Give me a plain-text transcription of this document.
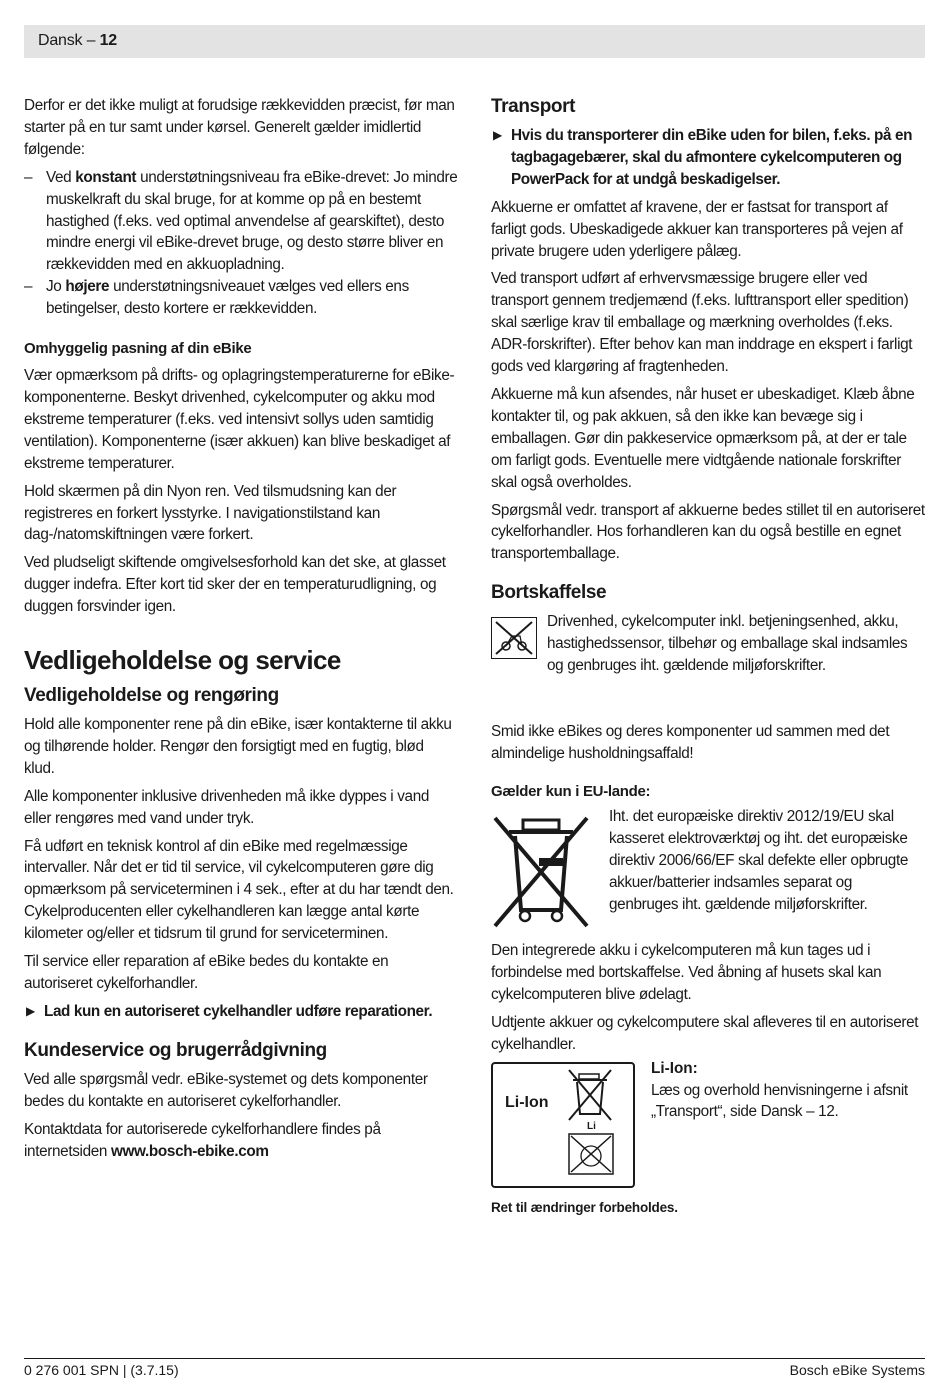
Dansk – 12

Derfor er det ikke muligt at forudsige rækkevidden præcist, før man starter på en tur samt under kørsel. Generelt gælder imidlertid følgende:

– Ved konstant understøtningsniveau fra eBike-drevet: Jo mindre muskelkraft du skal bruge, for at komme op på en bestemt hastighed (f.eks. ved optimal anvendelse af gearskiftet), desto mindre energi vil eBike-drevet bruge, og desto større bliver en rækkevidden med en akkuopladning.
– Jo højere understøtningsniveauet vælges ved ellers ens betingelser, desto kortere er rækkevidden.
Omhyggelig pasning af din eBike

Vær opmærksom på drifts- og oplagringstemperaturerne for eBike-komponenterne. Beskyt drivenhed, cykelcomputer og akku mod ekstreme temperaturer (f.eks. ved intensivt sollys uden samtidig ventilation). Komponenterne (især akkuen) kan blive beskadiget af ekstreme temperaturer.

Hold skærmen på din Nyon ren. Ved tilsmudsning kan der registreres en forkert lysstyrke. I navigationstilstand kan dag-/natomskiftningen være forkert.

Ved pludseligt skiftende omgivelsesforhold kan det ske, at glasset dugger indefra. Efter kort tid sker der en temperaturudligning, og duggen forsvinder igen.

Vedligeholdelse og service
Vedligeholdelse og rengøring

Hold alle komponenter rene på din eBike, især kontakterne til akku og tilhørende holder. Rengør den forsigtigt med en fugtig, blød klud.

Alle komponenter inklusive drivenheden må ikke dyppes i vand eller rengøres med vand under tryk.

Få udført en teknisk kontrol af din eBike med regelmæssige intervaller. Når det er tid til service, vil cykelcomputeren gøre dig opmærksom på serviceterminen i 4 sek., efter at du har tændt den. Cykelproducenten eller cykelhandleren kan lægge antal kørte kilometer og/eller et tidsrum til grund for serviceterminen.

Til service eller reparation af eBike bedes du kontakte en autoriseret cykelforhandler.

▶ Lad kun en autoriseret cykelhandler udføre reparationer.
Kundeservice og brugerrådgivning

Ved alle spørgsmål vedr. eBike-systemet og dets komponenter bedes du kontakte en autoriseret cykelforhandler.

Kontaktdata for autoriserede cykelforhandlere findes på internetsiden www.bosch-ebike.com

Transport
▶ Hvis du transporterer din eBike uden for bilen, f.eks. på en tagbagagebærer, skal du afmontere cykelcomputeren og PowerPack for at undgå beskadigelser.

Akkuerne er omfattet af kravene, der er fastsat for transport af farligt gods. Ubeskadigede akkuer kan transporteres på vejen af private brugere uden yderligere pålæg.

Ved transport udført af erhvervsmæssige brugere eller ved transport gennem tredjemænd (f.eks. lufttransport eller spedition) skal særlige krav til emballage og mærkning overholdes (f.eks. ADR-forskrifter). Efter behov kan man inddrage en ekspert i farligt gods ved klargøring af fragtenheden.

Akkuerne må kun afsendes, når huset er ubeskadiget. Klæb åbne kontakter til, og pak akkuen, så den ikke kan bevæge sig i emballagen. Gør din pakkeservice opmærksom på, at der er tale om farligt gods. Eventuelle mere vidtgående nationale forskrifter skal også overholdes.

Spørgsmål vedr. transport af akkuerne bedes stillet til en autoriseret cykelforhandler. Hos forhandleren kan du også bestille en egnet transportemballage.

Bortskaffelse

Drivenhed, cykelcomputer inkl. betjeningsenhed, akku, hastighedssensor, tilbehør og emballage skal indsamles og genbruges iht. gældende miljøforskrifter.

Smid ikke eBikes og deres komponenter ud sammen med det almindelige husholdningsaffald!

Gælder kun i EU-lande:

Iht. det europæiske direktiv 2012/19/EU skal kasseret elektroværktøj og iht. det europæiske direktiv 2006/66/EF skal defekte eller opbrugte akkuer/batterier indsamles separat og genbruges iht. gældende miljøforskrifter.

Den integrerede akku i cykelcomputeren må kun tages ud i forbindelse med bortskaffelse. Ved åbning af husets skal kan cykelcomputeren blive ødelagt.

Udtjente akkuer og cykelcomputere skal afleveres til en autoriseret cykelhandler.

Li-Ion
Li
Li-Ion:

Læs og overhold henvisningerne i afsnit „Transport“, side Dansk – 12.

Ret til ændringer forbeholdes.
0 276 001 SPN | (3.7.15)	Bosch eBike Systems
